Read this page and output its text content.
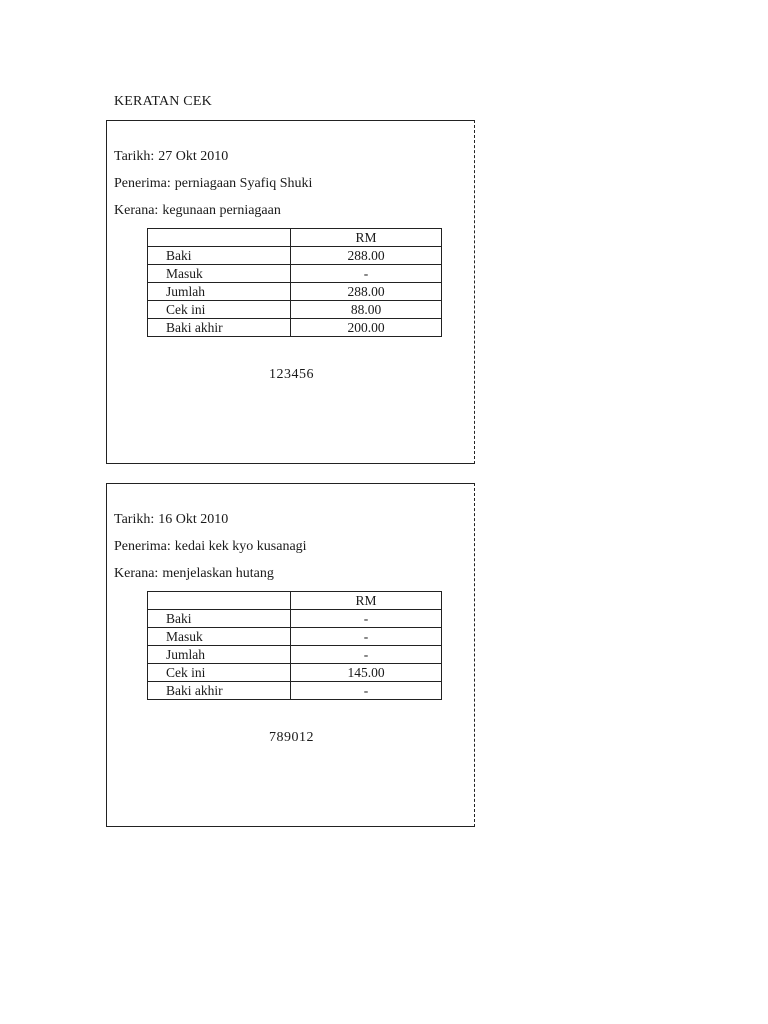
KERATAN CEK
Tarikh: 27 Okt 2010
Penerima: perniagaan Syafiq Shuki
Kerana: kegunaan perniagaan
	RM
Baki	288.00
Masuk	-
Jumlah	288.00
Cek ini	88.00
Baki akhir	200.00
123456
Tarikh: 16 Okt 2010
Penerima: kedai kek kyo kusanagi
Kerana: menjelaskan hutang
	RM
Baki	-
Masuk	-
Jumlah	-
Cek ini	145.00
Baki akhir	-
789012
